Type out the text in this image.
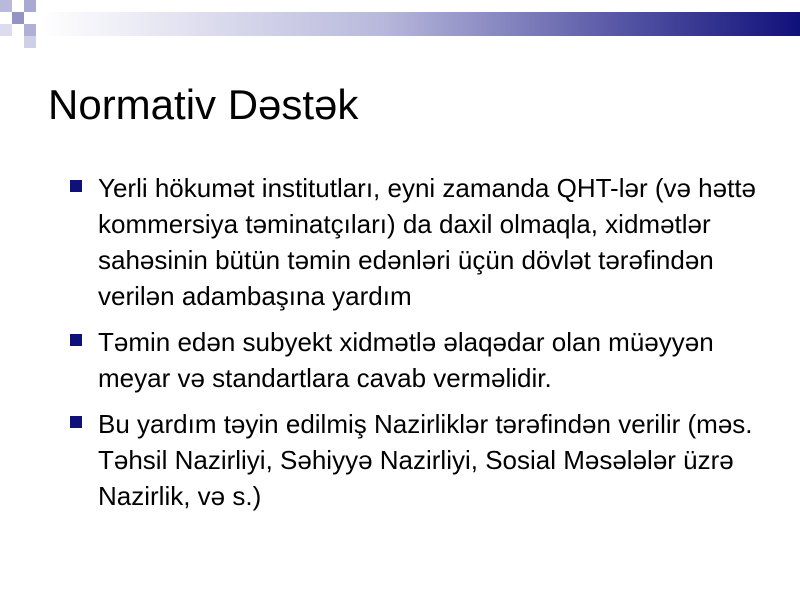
Normativ Dəstək
Yerli hökumət institutları, eyni zamanda QHT-lər (və həttə kommersiya təminatçıları) da daxil olmaqla, xidmətlər sahəsinin bütün təmin edənləri üçün dövlət tərəfindən verilən adambaşına yardım
Təmin edən subyekt xidmətlə əlaqədar olan müəyyən meyar və standartlara cavab verməlidir.
Bu yardım təyin edilmiş Nazirliklər tərəfindən verilir (məs. Təhsil Nazirliyi, Səhiyyə Nazirliyi, Sosial Məsələlər üzrə Nazirlik, və s.)
